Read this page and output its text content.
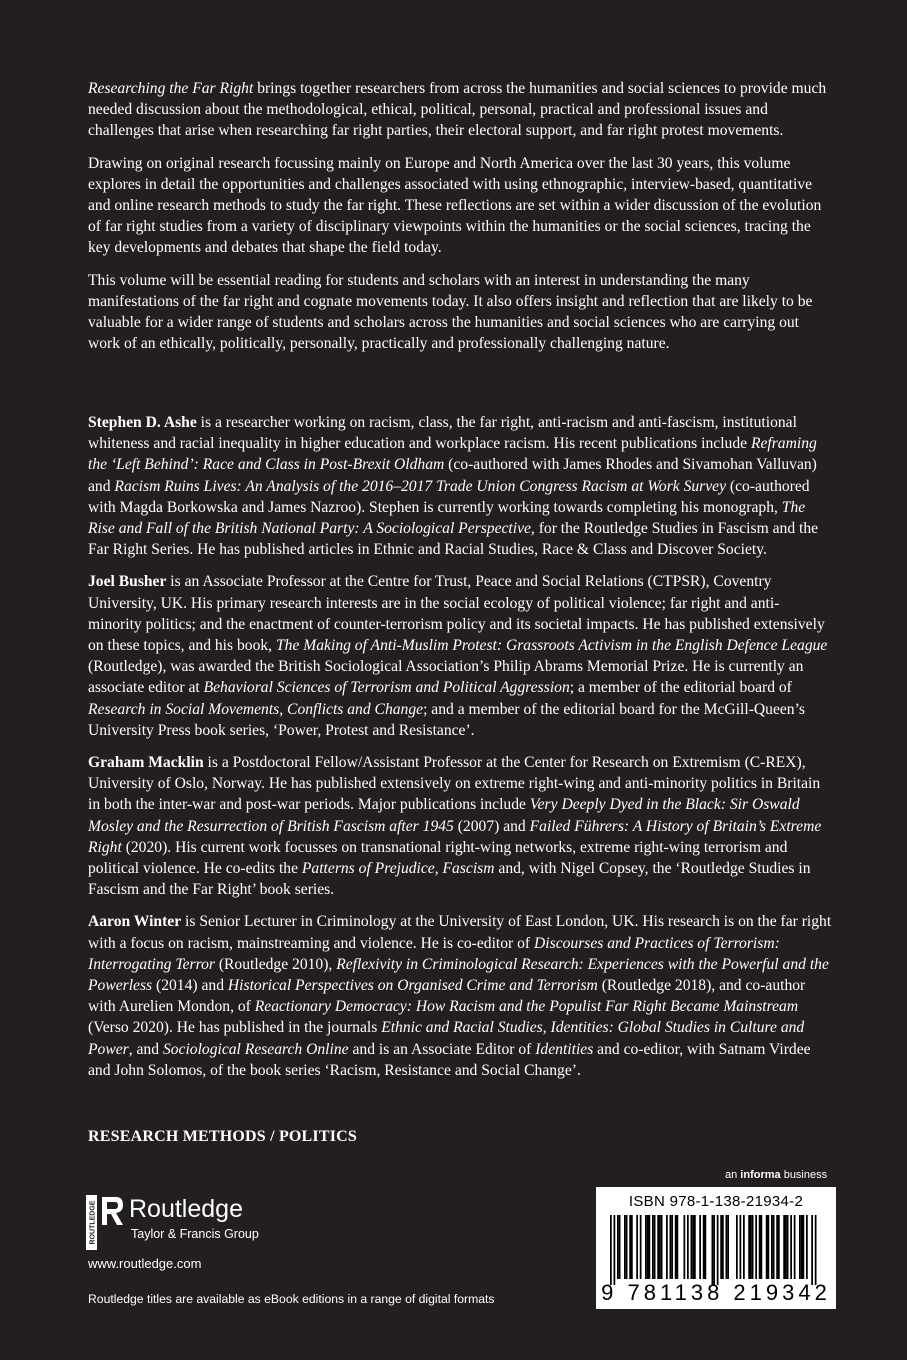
Researching the Far Right brings together researchers from across the humanities and social sciences to provide much needed discussion about the methodological, ethical, political, personal, practical and professional issues and challenges that arise when researching far right parties, their electoral support, and far right protest movements.

Drawing on original research focussing mainly on Europe and North America over the last 30 years, this volume explores in detail the opportunities and challenges associated with using ethnographic, interview-based, quantitative and online research methods to study the far right. These reflections are set within a wider discussion of the evolution of far right studies from a variety of disciplinary viewpoints within the humanities or the social sciences, tracing the key developments and debates that shape the field today.

This volume will be essential reading for students and scholars with an interest in understanding the many manifestations of the far right and cognate movements today. It also offers insight and reflection that are likely to be valuable for a wider range of students and scholars across the humanities and social sciences who are carrying out work of an ethically, politically, personally, practically and professionally challenging nature.

Stephen D. Ashe is a researcher working on racism, class, the far right, anti-racism and anti-fascism, institutional whiteness and racial inequality in higher education and workplace racism. His recent publications include Reframing the ‘Left Behind’: Race and Class in Post-Brexit Oldham (co-authored with James Rhodes and Sivamohan Valluvan) and Racism Ruins Lives: An Analysis of the 2016–2017 Trade Union Congress Racism at Work Survey (co-authored with Magda Borkowska and James Nazroo). Stephen is currently working towards completing his monograph, The Rise and Fall of the British National Party: A Sociological Perspective, for the Routledge Studies in Fascism and the Far Right Series. He has published articles in Ethnic and Racial Studies, Race & Class and Discover Society.

Joel Busher is an Associate Professor at the Centre for Trust, Peace and Social Relations (CTPSR), Coventry University, UK. His primary research interests are in the social ecology of political violence; far right and anti-minority politics; and the enactment of counter-terrorism policy and its societal impacts. He has published extensively on these topics, and his book, The Making of Anti-Muslim Protest: Grassroots Activism in the English Defence League (Routledge), was awarded the British Sociological Association’s Philip Abrams Memorial Prize. He is currently an associate editor at Behavioral Sciences of Terrorism and Political Aggression; a member of the editorial board of Research in Social Movements, Conflicts and Change; and a member of the editorial board for the McGill-Queen’s University Press book series, ‘Power, Protest and Resistance’.

Graham Macklin is a Postdoctoral Fellow/Assistant Professor at the Center for Research on Extremism (C-REX), University of Oslo, Norway. He has published extensively on extreme right-wing and anti-minority politics in Britain in both the inter-war and post-war periods. Major publications include Very Deeply Dyed in the Black: Sir Oswald Mosley and the Resurrection of British Fascism after 1945 (2007) and Failed Führers: A History of Britain’s Extreme Right (2020). His current work focusses on transnational right-wing networks, extreme right-wing terrorism and political violence. He co-edits the Patterns of Prejudice, Fascism and, with Nigel Copsey, the ‘Routledge Studies in Fascism and the Far Right’ book series.

Aaron Winter is Senior Lecturer in Criminology at the University of East London, UK. His research is on the far right with a focus on racism, mainstreaming and violence. He is co-editor of Discourses and Practices of Terrorism: Interrogating Terror (Routledge 2010), Reflexivity in Criminological Research: Experiences with the Powerful and the Powerless (2014) and Historical Perspectives on Organised Crime and Terrorism (Routledge 2018), and co-author with Aurelien Mondon, of Reactionary Democracy: How Racism and the Populist Far Right Became Mainstream (Verso 2020). He has published in the journals Ethnic and Racial Studies, Identities: Global Studies in Culture and Power, and Sociological Research Online and is an Associate Editor of Identities and co-editor, with Satnam Virdee and John Solomos, of the book series ‘Racism, Resistance and Social Change’.

RESEARCH METHODS / POLITICS
an informa business
ISBN 978-1-138-21934-2
9 781138 219342
ROUTLEDGE Routledge
Taylor & Francis Group
www.routledge.com
Routledge titles are available as eBook editions in a range of digital formats
